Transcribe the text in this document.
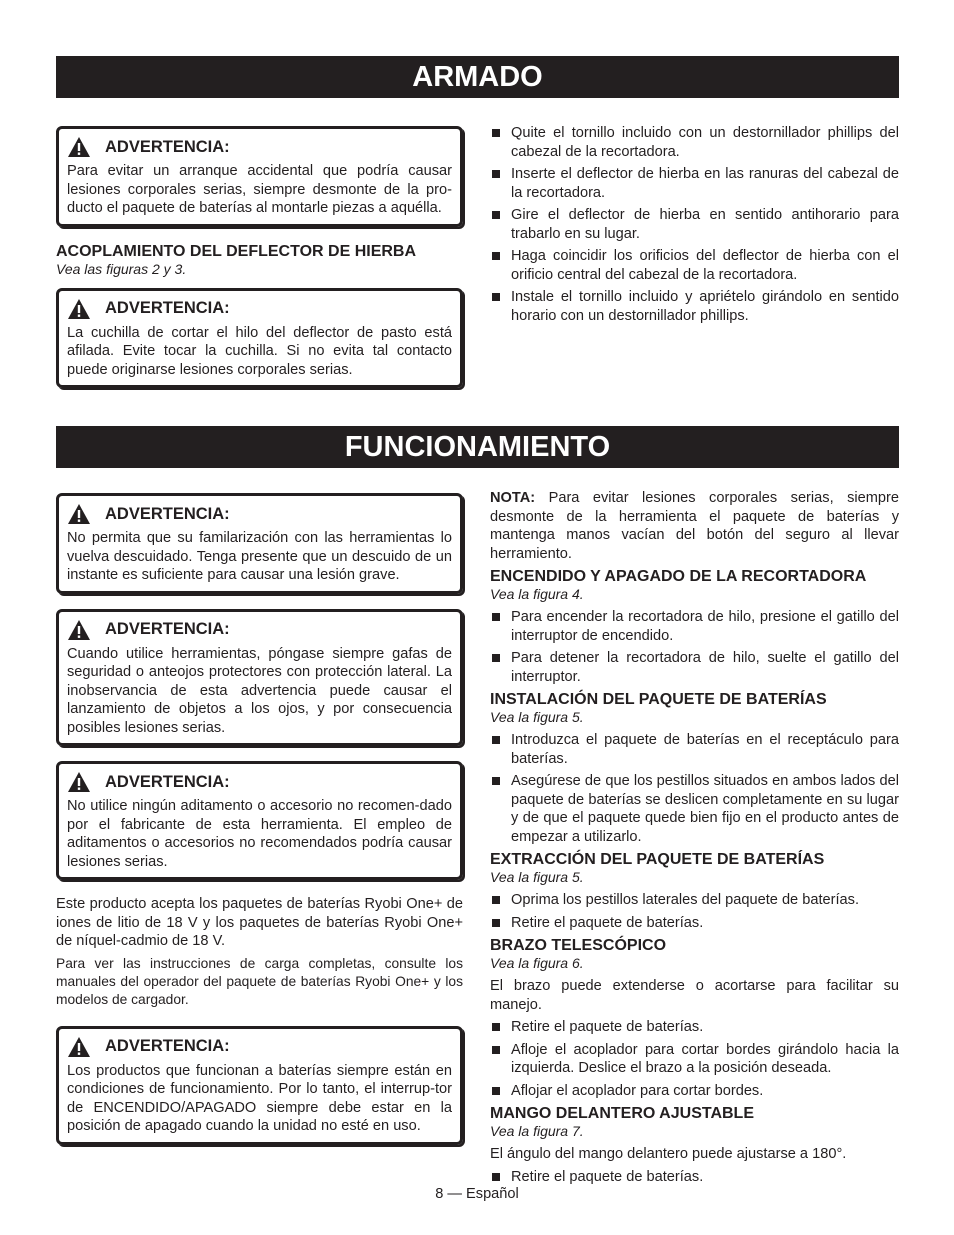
ARMADO
ADVERTENCIA:
Para evitar un arranque accidental que podría causar lesiones corporales serias, siempre desmonte de la pro-ducto el paquete de baterías al montarle piezas a aquélla.
ACOPLAMIENTO DEL DEFLECTOR DE HIERBA
Vea las figuras 2 y 3.
ADVERTENCIA:
La cuchilla de cortar el hilo del deflector de pasto está afilada. Evite tocar la cuchilla. Si no evita tal contacto puede originarse lesiones corporales serias.
Quite el tornillo incluido con un destornillador phillips del cabezal de la recortadora.
Inserte el deflector de hierba en las ranuras del cabezal de la recortadora.
Gire el deflector de hierba en sentido antihorario para trabarlo en su lugar.
Haga coincidir los orificios del deflector de hierba con el orificio central del cabezal de la recortadora.
Instale el tornillo incluido y apriételo girándolo en sentido horario con un destornillador phillips.
FUNCIONAMIENTO
ADVERTENCIA:
No permita que su familarización con las herramientas lo vuelva descuidado. Tenga presente que un descuido de un instante es suficiente para causar una lesión grave.
ADVERTENCIA:
Cuando utilice herramientas, póngase siempre gafas de seguridad o anteojos protectores con protección lateral. La inobservancia de esta advertencia puede causar el lanzamiento de objetos a los ojos, y por consecuencia posibles lesiones serias.
ADVERTENCIA:
No utilice ningún aditamento o accesorio no recomen-dado por el fabricante de esta herramienta. El empleo de aditamentos o accesorios no recomendados podría causar lesiones serias.

Este producto acepta los paquetes de baterías Ryobi One+ de iones de litio de 18 V y los paquetes de baterías Ryobi One+ de níquel-cadmio de 18 V.

Para ver las instrucciones de carga completas, consulte los manuales del operador del paquete de baterías Ryobi One+ y los modelos de cargador.

ADVERTENCIA:
Los productos que funcionan a baterías siempre están en condiciones de funcionamiento. Por lo tanto, el interrup-tor de ENCENDIDO/APAGADO siempre debe estar en la posición de apagado cuando la unidad no esté en uso.

NOTA: Para evitar lesiones corporales serias, siempre desmonte de la herramienta el paquete de baterías y mantenga manos vacían del botón del seguro al llevar herramiento.

ENCENDIDO Y APAGADO DE LA RECORTADORA
Vea la figura 4.
Para encender la recortadora de hilo, presione el gatillo del interruptor de encendido.
Para detener la recortadora de hilo, suelte el gatillo del interruptor.
INSTALACIÓN DEL PAQUETE DE BATERÍAS
Vea la figura 5.
Introduzca el paquete de baterías en el receptáculo para baterías.
Asegúrese de que los pestillos situados en ambos lados del paquete de baterías se deslicen completamente en su lugar y de que el paquete quede bien fijo en el producto antes de empezar a utilizarlo.
EXTRACCIÓN DEL PAQUETE DE BATERÍAS
Vea la figura 5.
Oprima los pestillos laterales del paquete de baterías.
Retire el paquete de baterías.
BRAZO TELESCÓPICO
Vea la figura 6.

El brazo puede extenderse o acortarse para facilitar su manejo.

Retire el paquete de baterías.
Afloje el acoplador para cortar bordes girándolo hacia la izquierda. Deslice el brazo a la posición deseada.
Aflojar el acoplador para cortar bordes.
MANGO DELANTERO AJUSTABLE
Vea la figura 7.

El ángulo del mango delantero puede ajustarse a 180°.

Retire el paquete de baterías.
8 — Español
